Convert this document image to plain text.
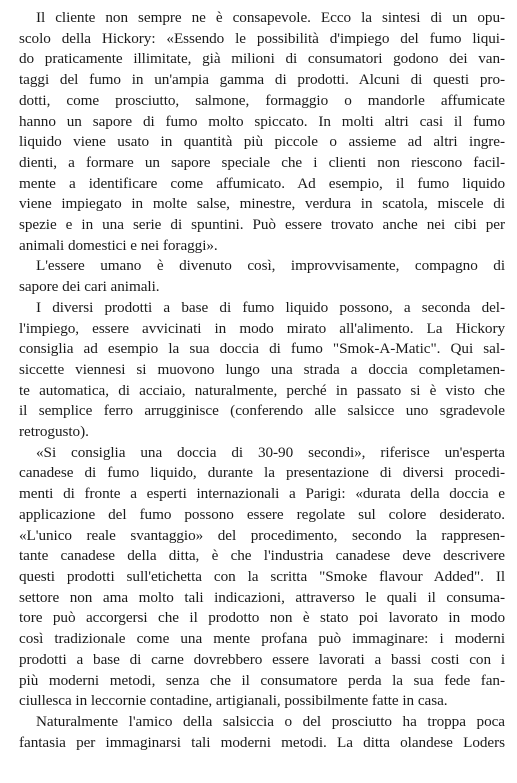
Il cliente non sempre ne è consapevole. Ecco la sintesi di un opu-
scolo della Hickory: «Essendo le possibilità d'impiego del fumo liqui-
do praticamente illimitate, già milioni di consumatori godono dei van-
taggi del fumo in un'ampia gamma di prodotti. Alcuni di questi pro-
dotti, come prosciutto, salmone, formaggio o mandorle affumicate
hanno un sapore di fumo molto spiccato. In molti altri casi il fumo
liquido viene usato in quantità più piccole o assieme ad altri ingre-
dienti, a formare un sapore speciale che i clienti non riescono facil-
mente a identificare come affumicato. Ad esempio, il fumo liquido
viene impiegato in molte salse, minestre, verdura in scatola, miscele di
spezie e in una serie di spuntini. Può essere trovato anche nei cibi per
animali domestici e nei foraggi».
L'essere umano è divenuto così, improvvisamente, compagno di
sapore dei cari animali.
I diversi prodotti a base di fumo liquido possono, a seconda del-
l'impiego, essere avvicinati in modo mirato all'alimento. La Hickory
consiglia ad esempio la sua doccia di fumo "Smok-A-Matic". Qui sal-
siccette viennesi si muovono lungo una strada a doccia completamen-
te automatica, di acciaio, naturalmente, perché in passato si è visto che
il semplice ferro arrugginisce (conferendo alle salsicce uno sgradevole
retrogusto).
«Si consiglia una doccia di 30-90 secondi», riferisce un'esperta
canadese di fumo liquido, durante la presentazione di diversi procedi-
menti di fronte a esperti internazionali a Parigi: «durata della doccia e
applicazione del fumo possono essere regolate sul colore desiderato.
«L'unico reale svantaggio» del procedimento, secondo la rappresen-
tante canadese della ditta, è che l'industria canadese deve descrivere
questi prodotti sull'etichetta con la scritta "Smoke flavour Added". Il
settore non ama molto tali indicazioni, attraverso le quali il consuma-
tore può accorgersi che il prodotto non è stato poi lavorato in modo
così tradizionale come una mente profana può immaginare: i moderni
prodotti a base di carne dovrebbero essere lavorati a bassi costi con i
più moderni metodi, senza che il consumatore perda la sua fede fan-
ciullesca in leccornie contadine, artigianali, possibilmente fatte in casa.
Naturalmente l'amico della salsiccia o del prosciutto ha troppa poca
fantasia per immaginarsi tali moderni metodi. La ditta olandese Loders
